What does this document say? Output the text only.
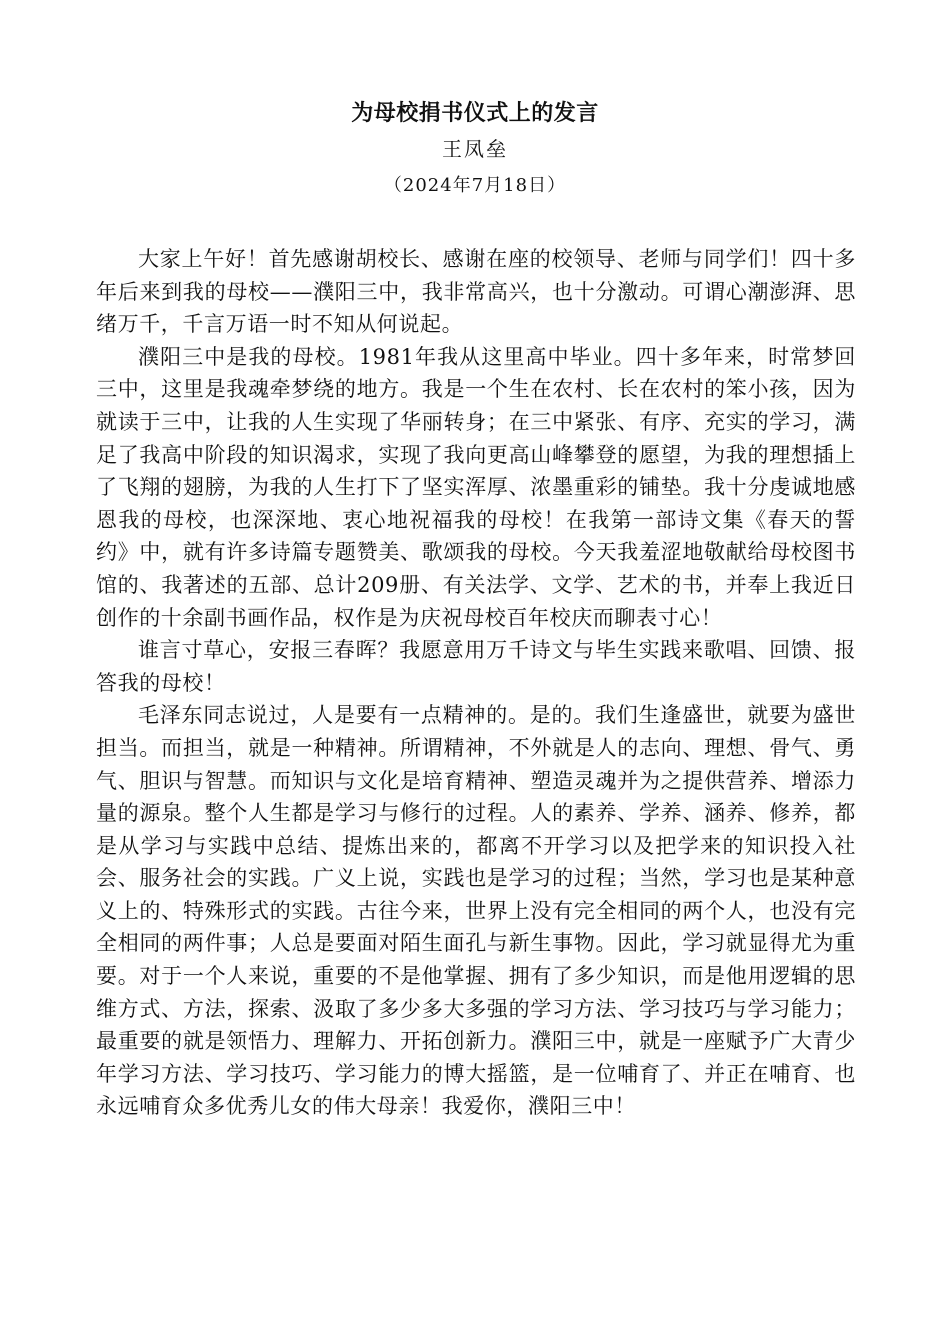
为母校捐书仪式上的发言

王凤垒

（2024年7月18日）

大家上午好！首先感谢胡校长、感谢在座的校领导、老师与同学们！四十多年后来到我的母校——濮阳三中，我非常高兴，也十分激动。可谓心潮澎湃、思绪万千，千言万语一时不知从何说起。

濮阳三中是我的母校。1981年我从这里高中毕业。四十多年来，时常梦回三中，这里是我魂牵梦绕的地方。我是一个生在农村、长在农村的笨小孩，因为就读于三中，让我的人生实现了华丽转身；在三中紧张、有序、充实的学习，满足了我高中阶段的知识渴求，实现了我向更高山峰攀登的愿望，为我的理想插上了飞翔的翅膀，为我的人生打下了坚实浑厚、浓墨重彩的铺垫。我十分虔诚地感恩我的母校，也深深地、衷心地祝福我的母校！在我第一部诗文集《春天的誓约》中，就有许多诗篇专题赞美、歌颂我的母校。今天我羞涩地敬献给母校图书馆的、我著述的五部、总计209册、有关法学、文学、艺术的书，并奉上我近日创作的十余副书画作品，权作是为庆祝母校百年校庆而聊表寸心！

谁言寸草心，安报三春晖？我愿意用万千诗文与毕生实践来歌唱、回馈、报答我的母校！

毛泽东同志说过，人是要有一点精神的。是的。我们生逢盛世，就要为盛世担当。而担当，就是一种精神。所谓精神，不外就是人的志向、理想、骨气、勇气、胆识与智慧。而知识与文化是培育精神、塑造灵魂并为之提供营养、增添力量的源泉。整个人生都是学习与修行的过程。人的素养、学养、涵养、修养，都是从学习与实践中总结、提炼出来的，都离不开学习以及把学来的知识投入社会、服务社会的实践。广义上说，实践也是学习的过程；当然，学习也是某种意义上的、特殊形式的实践。古往今来，世界上没有完全相同的两个人，也没有完全相同的两件事；人总是要面对陌生面孔与新生事物。因此，学习就显得尤为重要。对于一个人来说，重要的不是他掌握、拥有了多少知识，而是他用逻辑的思维方式、方法，探索、汲取了多少多大多强的学习方法、学习技巧与学习能力；最重要的就是领悟力、理解力、开拓创新力。濮阳三中，就是一座赋予广大青少年学习方法、学习技巧、学习能力的博大摇篮，是一位哺育了、并正在哺育、也永远哺育众多优秀儿女的伟大母亲！我爱你，濮阳三中！
